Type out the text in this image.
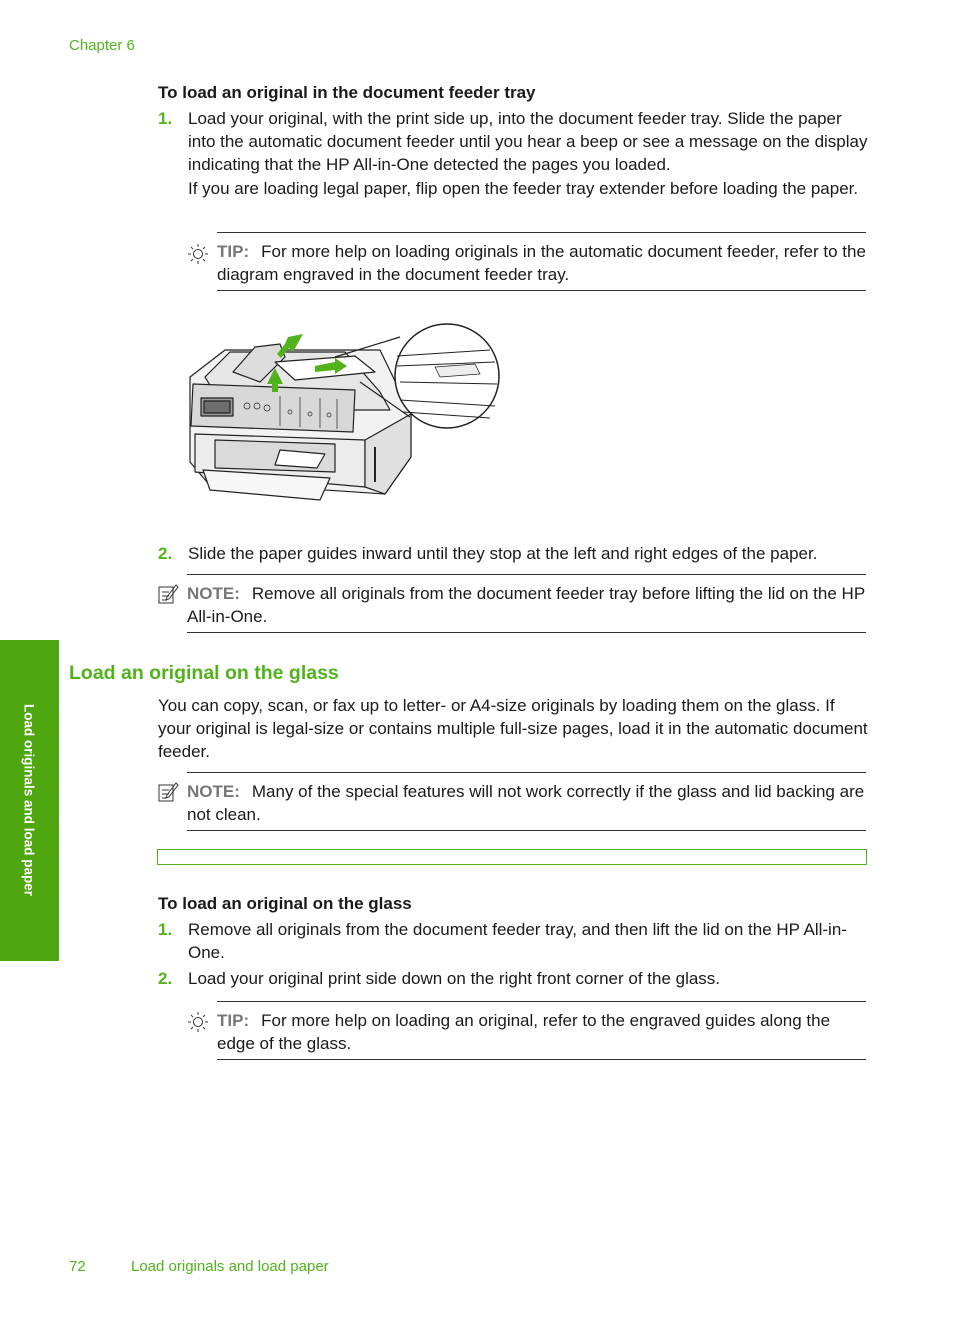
Chapter 6
Load originals and load paper
To load an original in the document feeder tray
1. Load your original, with the print side up, into the document feeder tray. Slide the paper into the automatic document feeder until you hear a beep or see a message on the display indicating that the HP All-in-One detected the pages you loaded.
If you are loading legal paper, flip open the feeder tray extender before loading the paper.
TIP: For more help on loading originals in the automatic document feeder, refer to the diagram engraved in the document feeder tray.
2. Slide the paper guides inward until they stop at the left and right edges of the paper.
NOTE: Remove all originals from the document feeder tray before lifting the lid on the HP All-in-One.
Load an original on the glass
You can copy, scan, or fax up to letter- or A4-size originals by loading them on the glass. If your original is legal-size or contains multiple full-size pages, load it in the automatic document feeder.
NOTE: Many of the special features will not work correctly if the glass and lid backing are not clean.
To load an original on the glass
1. Remove all originals from the document feeder tray, and then lift the lid on the HP All-in-One.
2. Load your original print side down on the right front corner of the glass.
TIP: For more help on loading an original, refer to the engraved guides along the edge of the glass.
72	Load originals and load paper
